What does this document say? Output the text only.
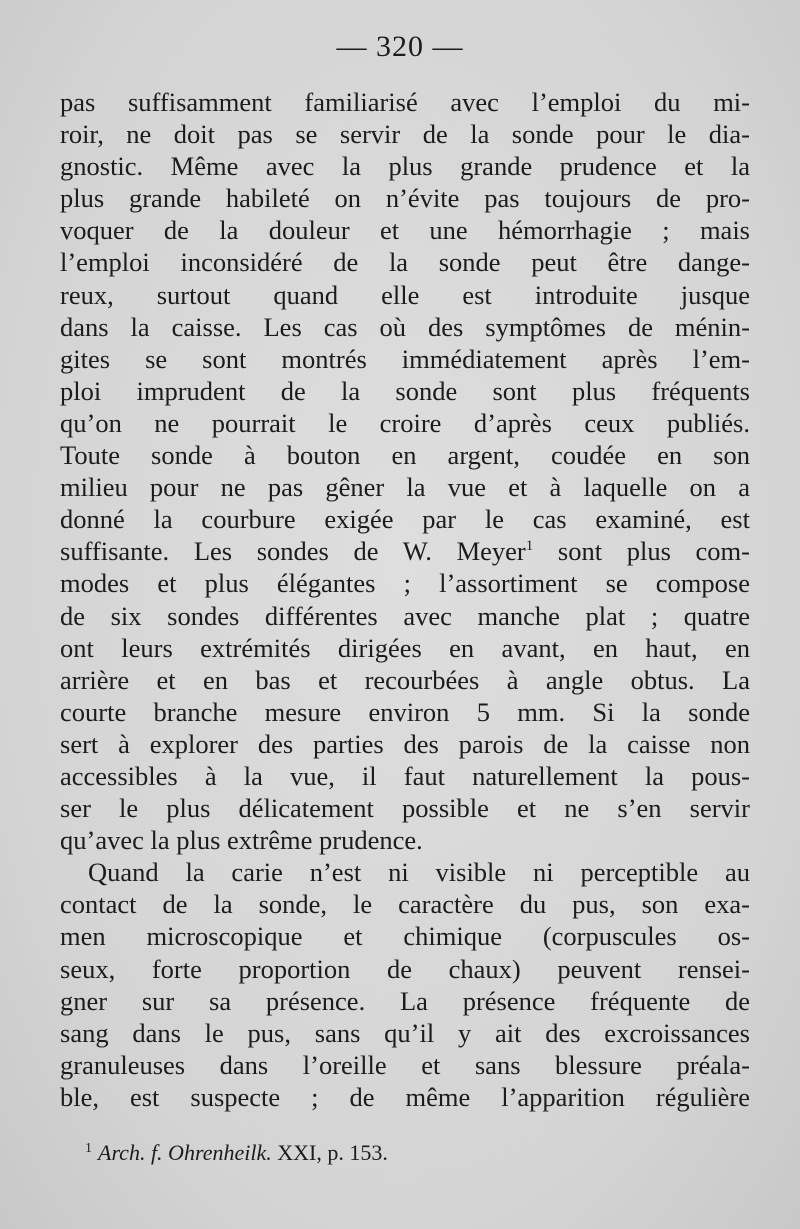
— 320 —
pas suffisamment familiarisé avec l’emploi du mi-
roir, ne doit pas se servir de la sonde pour le dia-
gnostic. Même avec la plus grande prudence et la
plus grande habileté on n’évite pas toujours de pro-
voquer de la douleur et une hémorrhagie ; mais
l’emploi inconsidéré de la sonde peut être dange-
reux, surtout quand elle est introduite jusque
dans la caisse. Les cas où des symptômes de ménin-
gites se sont montrés immédiatement après l’em-
ploi imprudent de la sonde sont plus fréquents
qu’on ne pourrait le croire d’après ceux publiés.
Toute sonde à bouton en argent, coudée en son
milieu pour ne pas gêner la vue et à laquelle on a
donné la courbure exigée par le cas examiné, est
suffisante. Les sondes de W. Meyer$^1$ sont plus com-
modes et plus élégantes ; l’assortiment se compose
de six sondes différentes avec manche plat ; quatre
ont leurs extrémités dirigées en avant, en haut, en
arrière et en bas et recourbées à angle obtus. La
courte branche mesure environ 5 mm. Si la sonde
sert à explorer des parties des parois de la caisse non
accessibles à la vue, il faut naturellement la pous-
ser le plus délicatement possible et ne s’en servir
qu’avec la plus extrême prudence.
Quand la carie n’est ni visible ni perceptible au
contact de la sonde, le caractère du pus, son exa-
men microscopique et chimique (corpuscules os-
seux, forte proportion de chaux) peuvent rensei-
gner sur sa présence. La présence fréquente de
sang dans le pus, sans qu’il y ait des excroissances
granuleuses dans l’oreille et sans blessure préala-
ble, est suspecte ; de même l’apparition régulière
$^1$ Arch. f. Ohrenheilk. XXI, p. 153.
